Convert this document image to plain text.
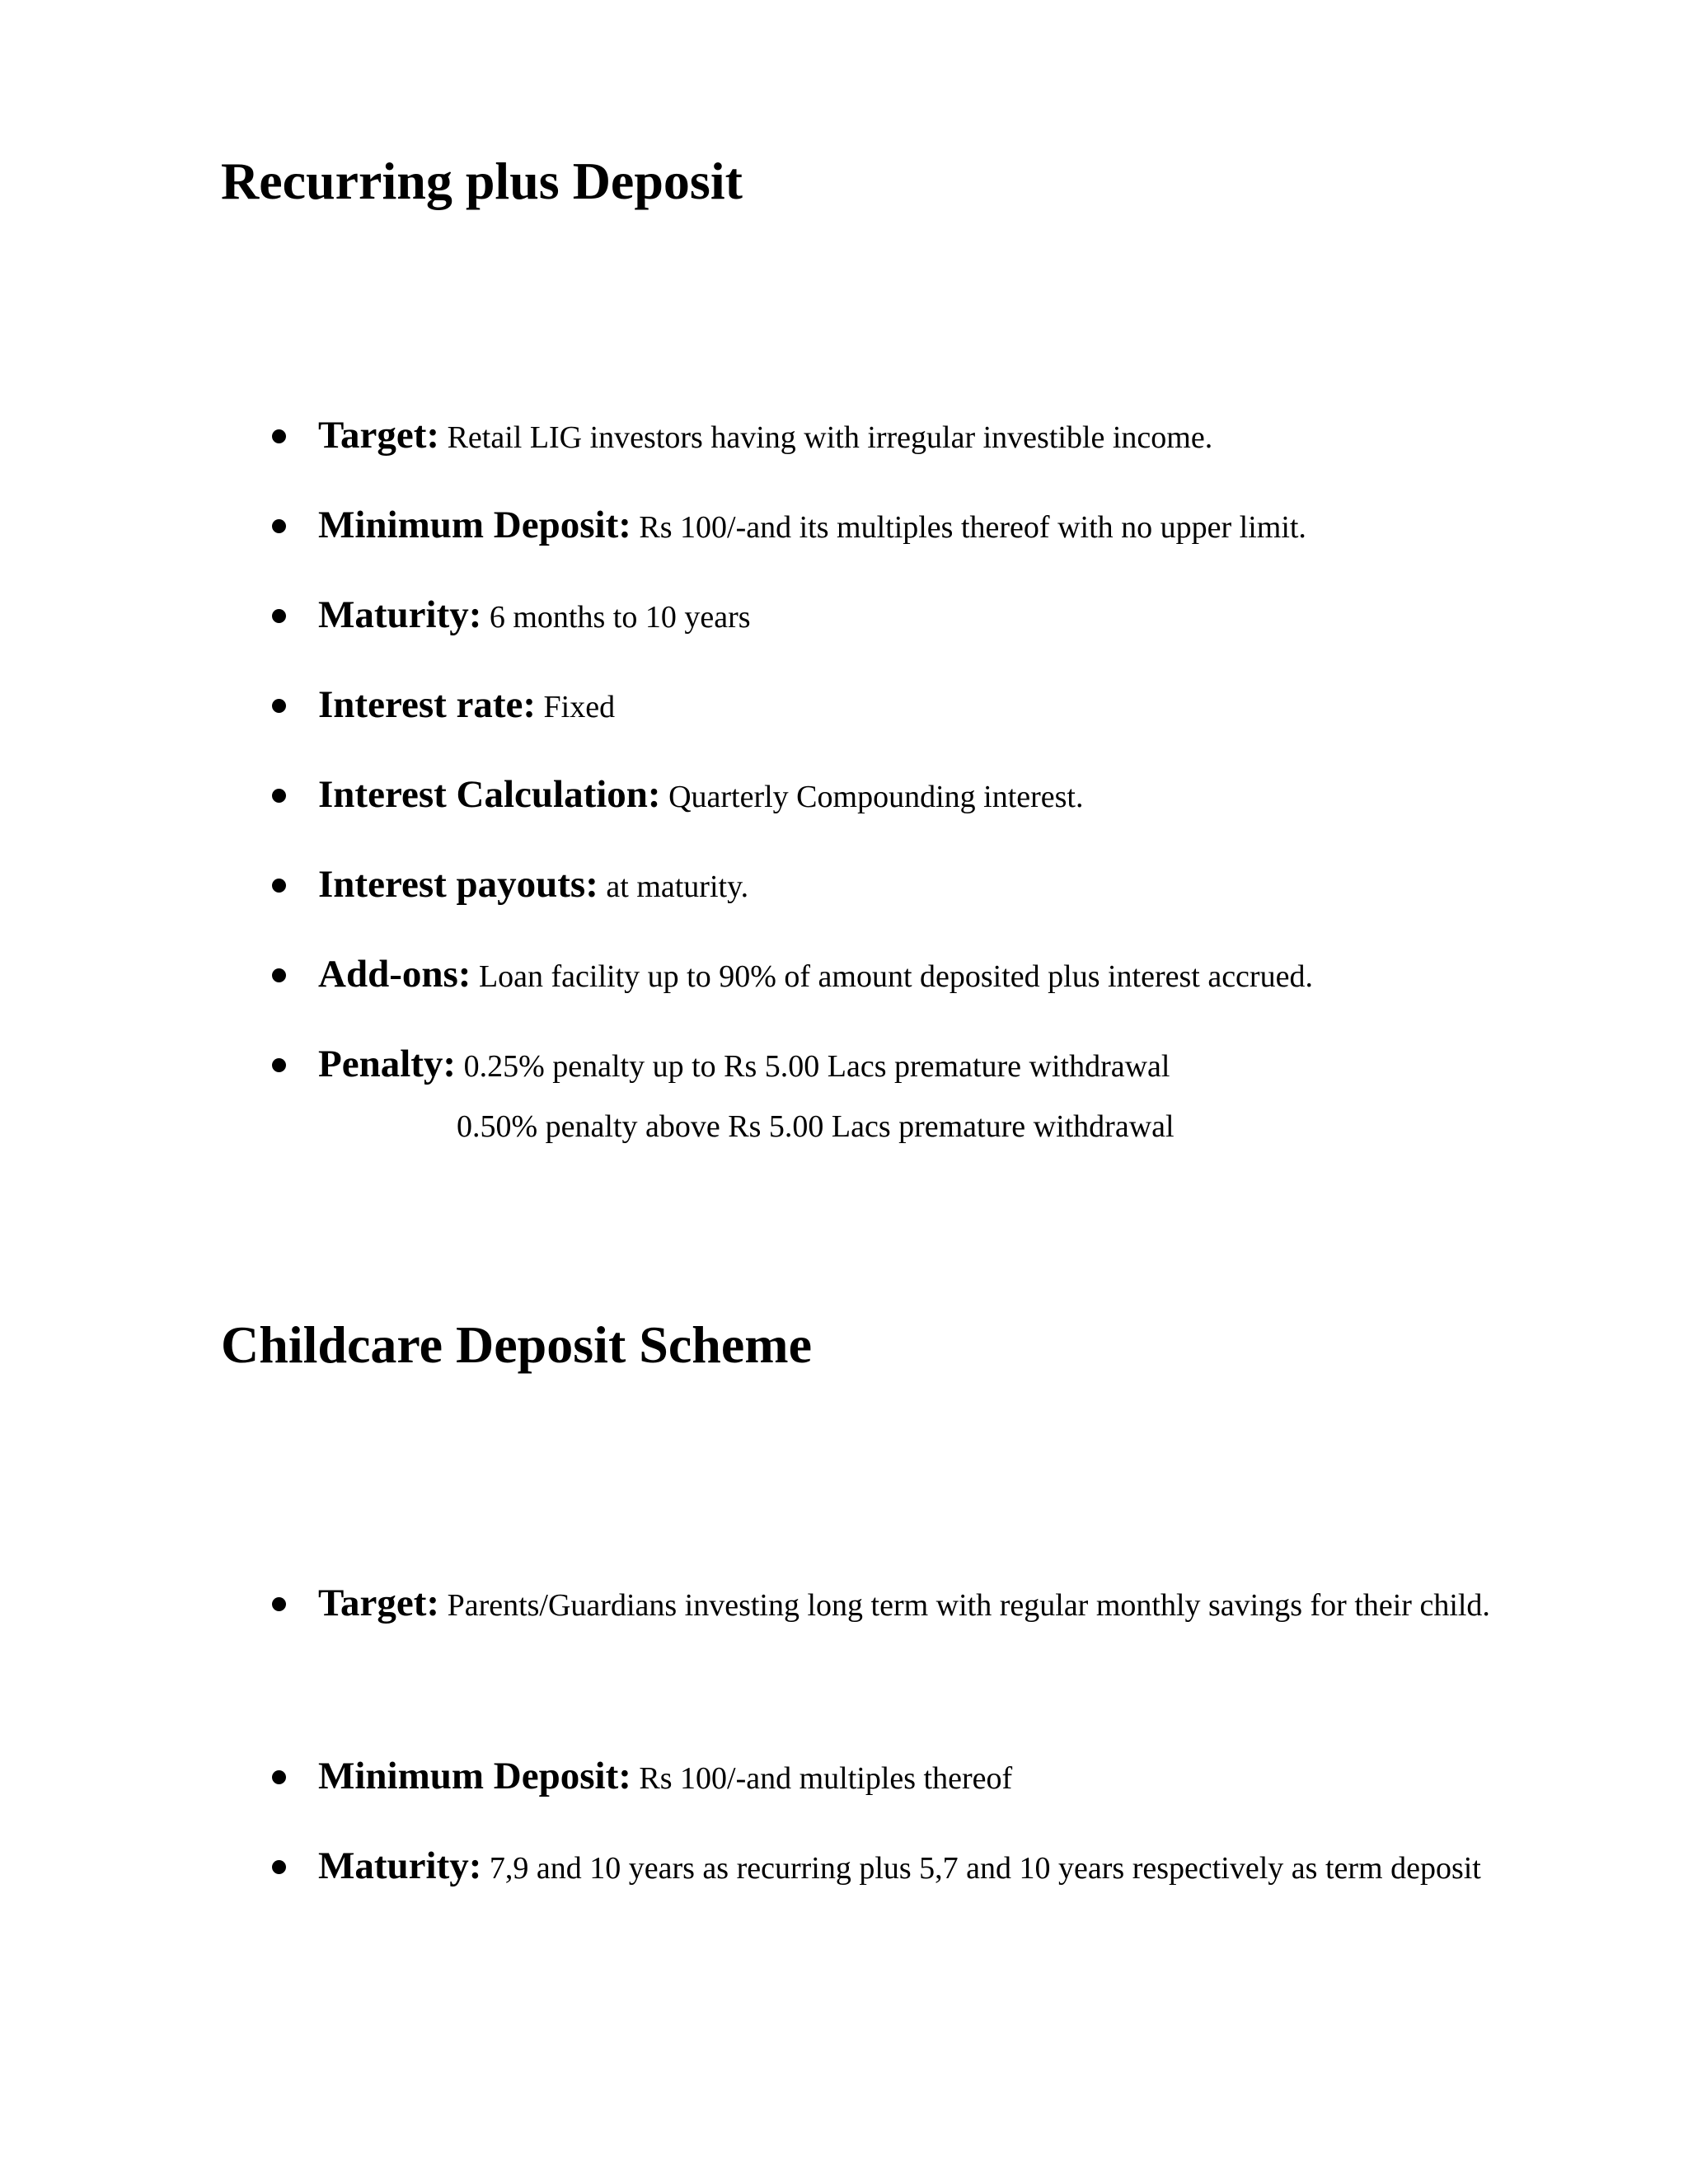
Recurring plus Deposit
Target: Retail LIG investors having with irregular investible income.
Minimum Deposit: Rs 100/-and its multiples thereof with no upper limit.
Maturity: 6 months to 10 years
Interest rate: Fixed
Interest Calculation: Quarterly Compounding interest.
Interest payouts: at maturity.
Add-ons: Loan facility up to 90% of amount deposited plus interest accrued.
Penalty: 0.25% penalty up to Rs 5.00 Lacs premature withdrawal
0.50% penalty above Rs 5.00 Lacs premature withdrawal
Childcare Deposit Scheme
Target: Parents/Guardians investing long term with regular monthly savings for their child.
Minimum Deposit: Rs 100/-and multiples thereof
Maturity: 7,9 and 10 years as recurring plus 5,7 and 10 years respectively as term deposit
